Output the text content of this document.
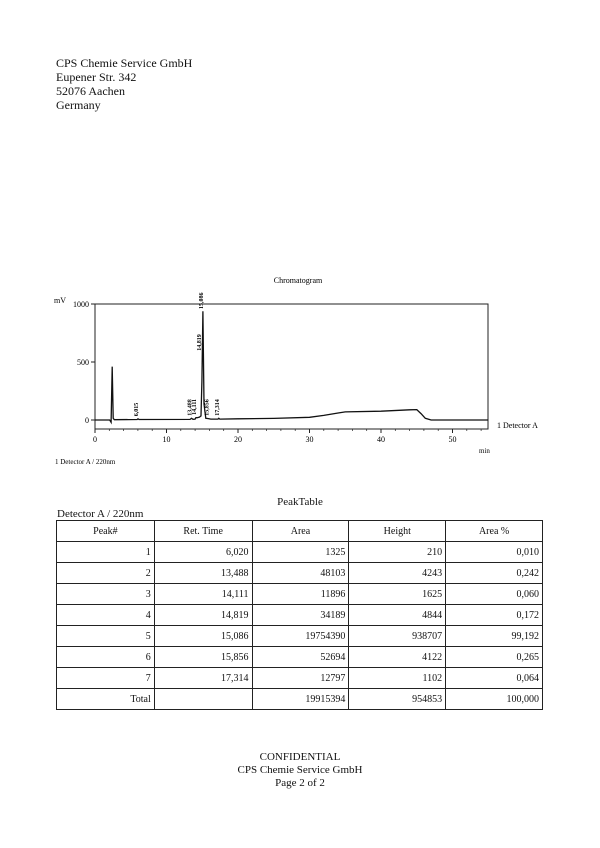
CPS Chemie Service GmbH
Eupener Str. 342
52076 Aachen
Germany
Chromatogram
mV
0	10	20	30	40	50
0
500
1000
6,015	13,488
14,111
14,819
15,086
15,856 17,314
min
1 Detector A
1 Detector A / 220nm
PeakTable
Detector A / 220nm
Peak#	Ret. Time	Area	Height	Area %
1	6,020	1325	210	0,010
2	13,488	48103	4243	0,242
3	14,111	11896	1625	0,060
4	14,819	34189	4844	0,172
5	15,086	19754390	938707	99,192
6	15,856	52694	4122	0,265
7	17,314	12797	1102	0,064
Total		19915394	954853	100,000
CONFIDENTIAL
CPS Chemie Service GmbH
Page 2 of 2
